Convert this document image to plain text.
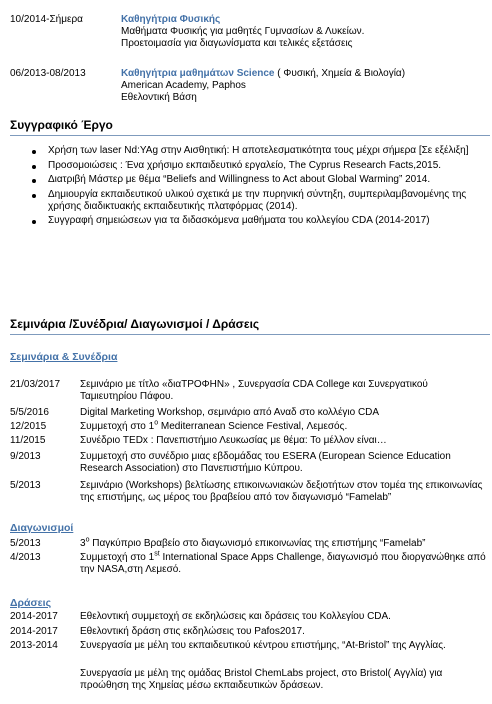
10/2014-Σήμερα	Καθηγήτρια Φυσικής
Μαθήματα Φυσικής για μαθητές Γυμνασίων & Λυκείων.
Προετοιμασία για διαγωνίσματα και τελικές εξετάσεις
06/2013-08/2013	Καθηγήτρια μαθημάτων Science ( Φυσική, Χημεία & Βιολογία)
American Academy, Paphos
Εθελοντική Βάση
Συγγραφικό Έργο
Χρήση των laser Nd:YAg στην Αισθητική: Η αποτελεσματικότητα τους μέχρι σήμερα [Σε εξέλιξη]
Προσομοιώσεις : Ένα χρήσιμο εκπαιδευτικό εργαλείο, The Cyprus Research Facts,2015.
Διατριβή Μάστερ με θέμα “Beliefs and Willingness to Act about Global Warming” 2014.
Δημιουργία εκπαιδευτικού υλικού σχετικά με την πυρηνική σύντηξη, συμπεριλαμβανομένης της χρήσης διαδικτυακής εκπαιδευτικής πλατφόρμας (2014).
Συγγραφή σημειώσεων για τα διδασκόμενα μαθήματα του κολλεγίου CDA (2014-2017)
Σεμινάρια /Συνέδρια/ Διαγωνισμοί / Δράσεις
Σεμινάρια & Συνέδρια
21/03/2017	Σεμινάριο με τίτλο «διαΤΡΟΦΗΝ» , Συνεργασία CDA College και Συνεργατικού Ταμιευτηρίου Πάφου.
5/5/2016	Digital Marketing Workshop, σεμινάριο από Αναδ στο κολλέγιο CDA
12/2015	Συμμετοχή στο 1$^o$ Mediterranean Science Festival, Λεμεσός.
11/2015	Συνέδριο TEDx : Πανεπιστήμιο Λευκωσίας με θέμα: Το μέλλον είναι…
9/2013	Συμμετοχή στο συνέδριο μιας εβδομάδας του ESERA (European Science Education Research Association) στο Πανεπιστήμιο Κύπρου.
5/2013	Σεμινάριο (Workshops) βελτίωσης επικοινωνιακών δεξιοτήτων στον τομέα της επικοινωνίας της επιστήμης, ως μέρος του βραβείου από τον διαγωνισμό “Famelab”
Διαγωνισμοί
5/2013	$3^o$ Παγκύπριο Βραβείο στο διαγωνισμό επικοινωνίας της επιστήμης “Famelab”
4/2013	Συμμετοχή στο 1st International Space Apps Challenge, διαγωνισμό που διοργανώθηκε από την NASA,στη Λεμεσό.
Δράσεις
2014-2017	Εθελοντική συμμετοχή σε εκδηλώσεις και δράσεις του Κολλεγίου CDA.
2014-2017	Εθελοντική δράση στις εκδηλώσεις του Pafos2017.
2013-2014	Συνεργασία με μέλη του εκπαιδευτικού κέντρου επιστήμης, “At-Bristol” της Αγγλίας.
Συνεργασία με μέλη της ομάδας Bristol ChemLabs project, στο Bristol( Αγγλία) για προώθηση της Χημείας μέσω εκπαιδευτικών δράσεων.
